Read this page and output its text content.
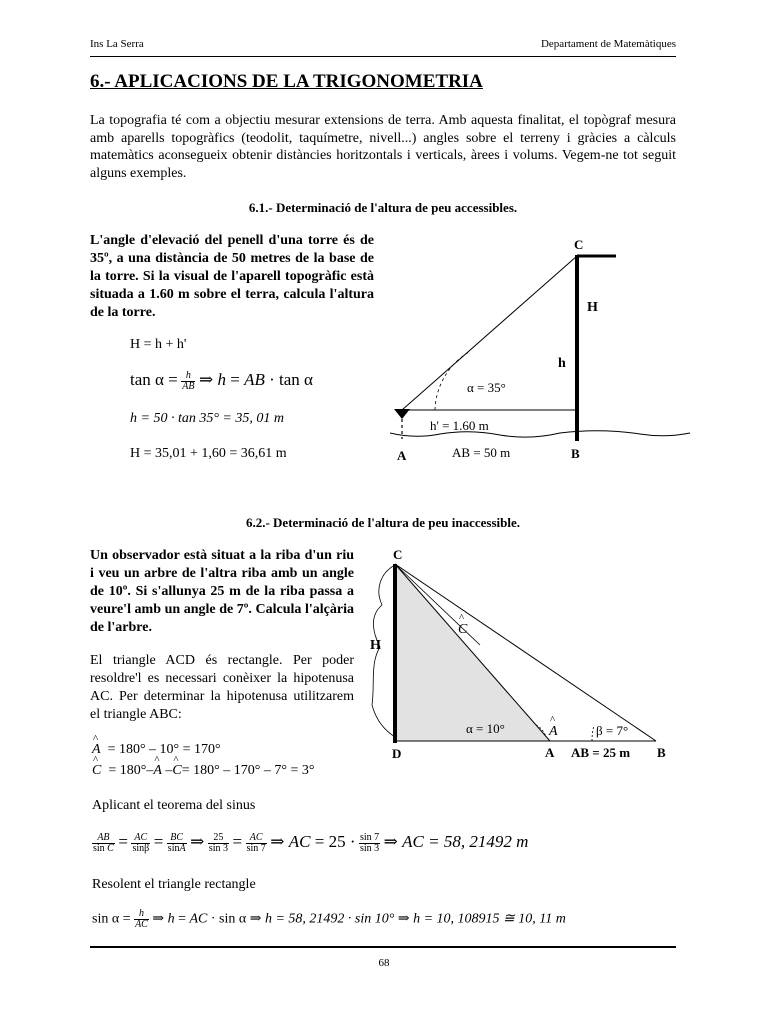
Ins La Serra	Departament de Matemàtiques
6.- APLICACIONS DE LA TRIGONOMETRIA
La topografia té com a objectiu mesurar extensions de terra. Amb aquesta finalitat, el topògraf mesura amb aparells topogràfics (teodolit, taquímetre, nivell...) angles sobre el terreny i gràcies a càlculs matemàtics aconsegueix obtenir distàncies horitzontals i verticals, àrees i volums. Vegem-ne tot seguit alguns exemples.
6.1.- Determinació de l'altura de peu accessibles.
L'angle d'elevació del penell d'una torre és de 35º, a una distància de 50 metres de la base de la torre. Si la visual de l'aparell topogràfic està situada a 1.60 m sobre el terra, calcula l'altura de la torre.
H = h + h'
$\tan \alpha = \frac{h}{AB}$ ⇒ h = AB · tan α
h = 50 · tan 35° = 35, 01 m
H = 35,01 + 1,60 = 36,61 m
C
H
h
α = 35°
h' = 1.60 m
A	AB = 50 m	B
6.2.- Determinació de l'altura de peu inaccessible.
Un observador està situat a la riba d'un riu i veu un arbre de l'altra riba amb un angle de 10º. Si s'allunya 25 m de la riba passa a veure'l amb un angle de 7º. Calcula l'alçària de l'arbre.
El triangle ACD és rectangle. Per poder resoldre'l es necessari conèixer la hipotenusa AC. Per determinar la hipotenusa utilitzarem el triangle ABC:
^ A = 180° – 10° = 170°
^ C = 180°–^ A –^ C= 180° – 170° – 7° = 3°
Aplicant el teorema del sinus
$\frac{AB}{\text{sin C}} = \frac{AC}{\sin\beta} = \frac{BC}{\sin A}$ ⇒ $\frac{25}{\sin 3} = \frac{AC}{\sin 7}$ ⇒ AC = $25 \cdot \frac{\sin 7}{\sin 3}$ ⇒ AC = 58, 21492 m
Resolent el triangle rectangle
$\sin \alpha = \frac{h}{AC}$ ⇒ h = AC · sin α ⇒ h = 58, 21492 · sin 10° ⇒ h = 10, 108915 ≅ 10, 11 m
C
C
^
H
α = 10°	A
^
β = 7°
D	A AB = 25 m B
68
